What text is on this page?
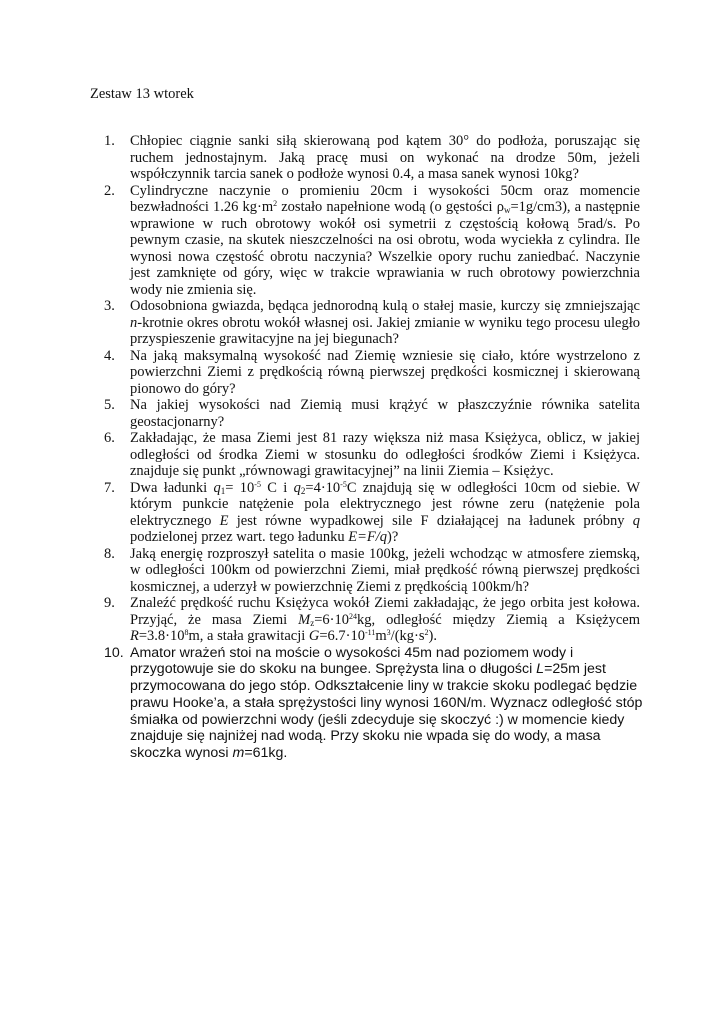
Zestaw 13 wtorek
1.	Chłopiec ciągnie sanki siłą skierowaną pod kątem 30° do podłoża, poruszając się ruchem jednostajnym. Jaką pracę musi on wykonać na drodze 50m, jeżeli współczynnik tarcia sanek o podłoże wynosi 0.4, a masa sanek wynosi 10kg?
2.	Cylindryczne naczynie o promieniu 20cm i wysokości 50cm oraz momencie bezwładności 1.26 $kg\cdot m^2$ zostało napełnione wodą (o gęstości $\rho_w=1g/cm3$), a następnie wprawione w ruch obrotowy wokół osi symetrii z częstością kołową 5rad/s. Po pewnym czasie, na skutek nieszczelności na osi obrotu, woda wyciekła z cylindra. Ile wynosi nowa częstość obrotu naczynia? Wszelkie opory ruchu zaniedbać. Naczynie jest zamknięte od góry, więc w trakcie wprawiania w ruch obrotowy powierzchnia wody nie zmienia się.
3.	Odosobniona gwiazda, będąca jednorodną kulą o stałej masie, kurczy się zmniejszając n-krotnie okres obrotu wokół własnej osi. Jakiej zmianie w wyniku tego procesu uległo przyspieszenie grawitacyjne na jej biegunach?
4.	Na jaką maksymalną wysokość nad Ziemię wzniesie się ciało, które wystrzelono z powierzchni Ziemi z prędkością równą pierwszej prędkości kosmicznej i skierowaną pionowo do góry?
5.	Na jakiej wysokości nad Ziemią musi krążyć w płaszczyźnie równika satelita geostacjonarny?
6.	Zakładając, że masa Ziemi jest 81 razy większa niż masa Księżyca, oblicz, w jakiej odległości od środka Ziemi w stosunku do odległości środków Ziemi i Księżyca. znajduje się punkt „równowagi grawitacyjnej” na linii Ziemia – Księżyc.
7.	Dwa ładunki $q_1= 10^{-5}$ C i $q_2=4\cdot 10^{-5}C$ znajdują się w odległości 10cm od siebie. W którym punkcie natężenie pola elektrycznego jest równe zeru (natężenie pola elektrycznego E jest równe wypadkowej sile F działającej na ładunek próbny q podzielonej przez wart. tego ładunku E=F/q)?
8.	Jaką energię rozproszył satelita o masie 100kg, jeżeli wchodząc w atmosfere ziemską, w odległości 100km od powierzchni Ziemi, miał prędkość równą pierwszej prędkości kosmicznej, a uderzył w powierzchnię Ziemi z prędkością 100km/h?
9.	Znaleźć prędkość ruchu Księżyca wokół Ziemi zakładając, że jego orbita jest kołowa. Przyjąć, że masa Ziemi $M_z=6\cdot 10^{24}kg$, odległość między Ziemią a Księżycem $R=3.8\cdot 10^8m$, a stała grawitacji $G=6.7\cdot 10^{-11}m^3/(kg\cdot s^2)$.
10. Amator wrażeń stoi na moście o wysokości 45m nad poziomem wody i przygotowuje sie do skoku na bungee. Sprężysta lina o długości L=25m jest przymocowana do jego stóp. Odkształcenie liny w trakcie skoku podlegać będzie prawu Hooke’a, a stała sprężystości liny wynosi 160N/m. Wyznacz odległość stóp śmiałka od powierzchni wody (jeśli zdecyduje się skoczyć :) w momencie kiedy znajduje się najniżej nad wodą. Przy skoku nie wpada się do wody, a masa skoczka wynosi m=61kg.
